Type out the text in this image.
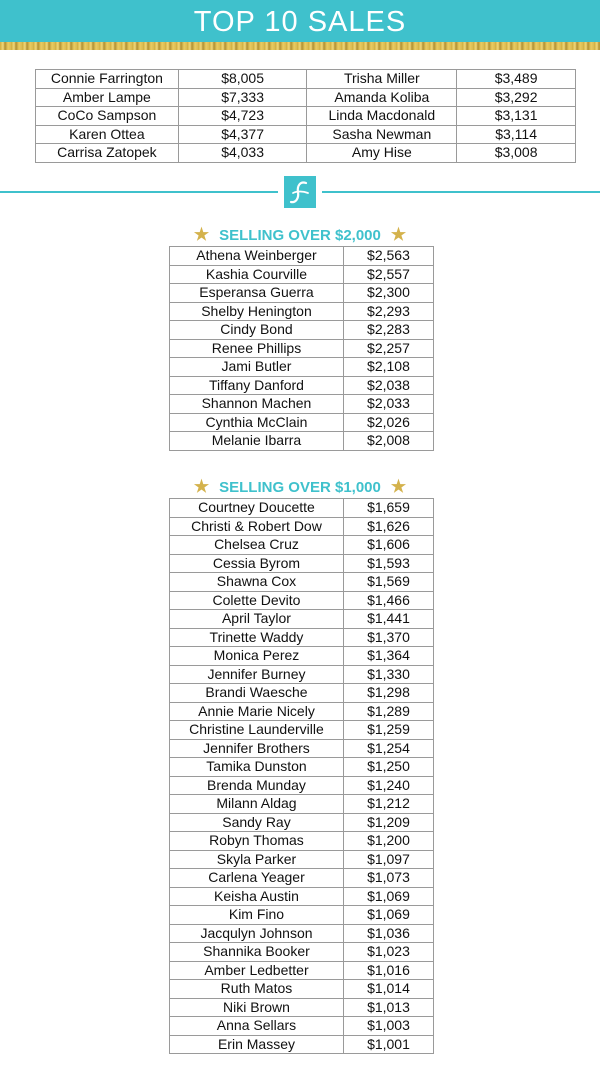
TOP 10 SALES
Connie Farrington	$8,005	Trisha Miller	$3,489
Amber Lampe	$7,333	Amanda Koliba	$3,292
CoCo Sampson	$4,723	Linda Macdonald	$3,131
Karen Ottea	$4,377	Sasha Newman	$3,114
Carrisa Zatopek	$4,033	Amy Hise	$3,008
★ SELLING OVER $2,000 ★
Athena Weinberger	$2,563
Kashia Courville	$2,557
Esperansa Guerra	$2,300
Shelby Henington	$2,293
Cindy Bond	$2,283
Renee Phillips	$2,257
Jami Butler	$2,108
Tiffany Danford	$2,038
Shannon Machen	$2,033
Cynthia McClain	$2,026
Melanie Ibarra	$2,008
★ SELLING OVER $1,000 ★
Courtney Doucette	$1,659
Christi & Robert Dow	$1,626
Chelsea Cruz	$1,606
Cessia Byrom	$1,593
Shawna Cox	$1,569
Colette Devito	$1,466
April Taylor	$1,441
Trinette Waddy	$1,370
Monica Perez	$1,364
Jennifer Burney	$1,330
Brandi Waesche	$1,298
Annie Marie Nicely	$1,289
Christine Launderville	$1,259
Jennifer Brothers	$1,254
Tamika Dunston	$1,250
Brenda Munday	$1,240
Milann Aldag	$1,212
Sandy Ray	$1,209
Robyn Thomas	$1,200
Skyla Parker	$1,097
Carlena Yeager	$1,073
Keisha Austin	$1,069
Kim Fino	$1,069
Jacqulyn Johnson	$1,036
Shannika Booker	$1,023
Amber Ledbetter	$1,016
Ruth Matos	$1,014
Niki Brown	$1,013
Anna Sellars	$1,003
Erin Massey	$1,001
